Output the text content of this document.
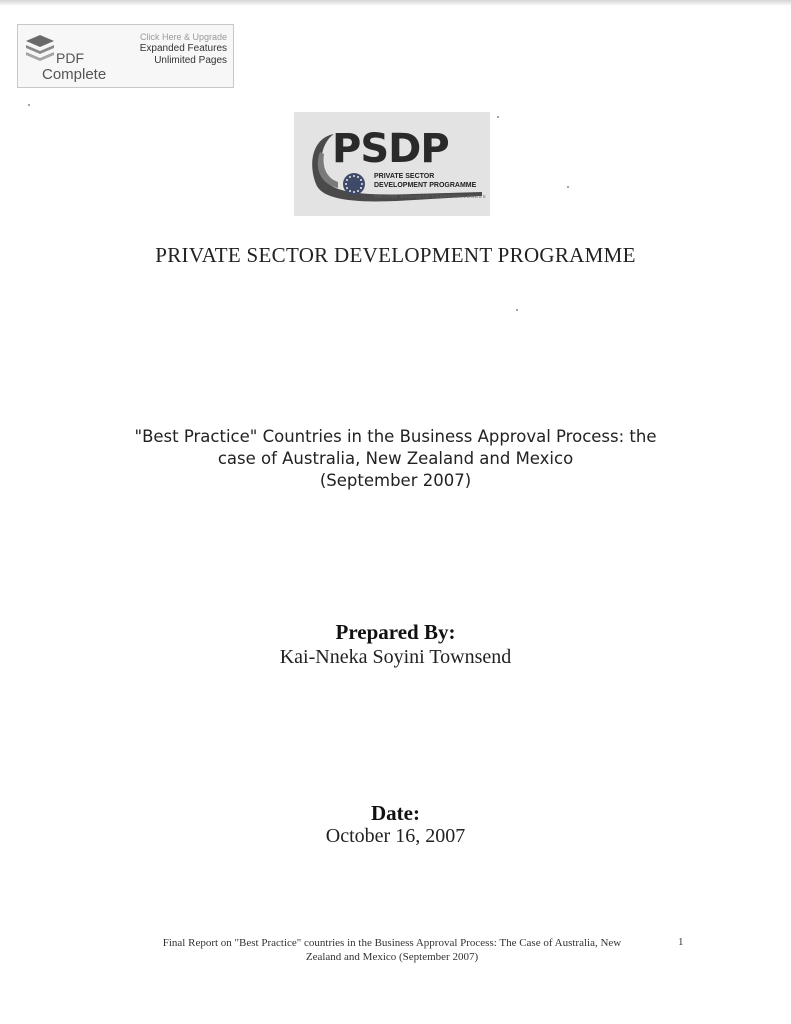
PDF
Complete
Click Here & Upgrade
Expanded Features
Unlimited Pages
PSDP
PRIVATE SECTOR
DEVELOPMENT PROGRAMME
DRIVING BUSINESS COMPETITIVENESS
PRIVATE SECTOR DEVELOPMENT PROGRAMME
"Best Practice" Countries in the Business Approval Process: the
case of Australia, New Zealand and Mexico
(September 2007)
Prepared By:
Kai-Nneka Soyini Townsend
Date:
October 16, 2007
Final Report on "Best Practice" countries in the Business Approval Process: The Case of Australia, New
Zealand and Mexico (September 2007)
1
